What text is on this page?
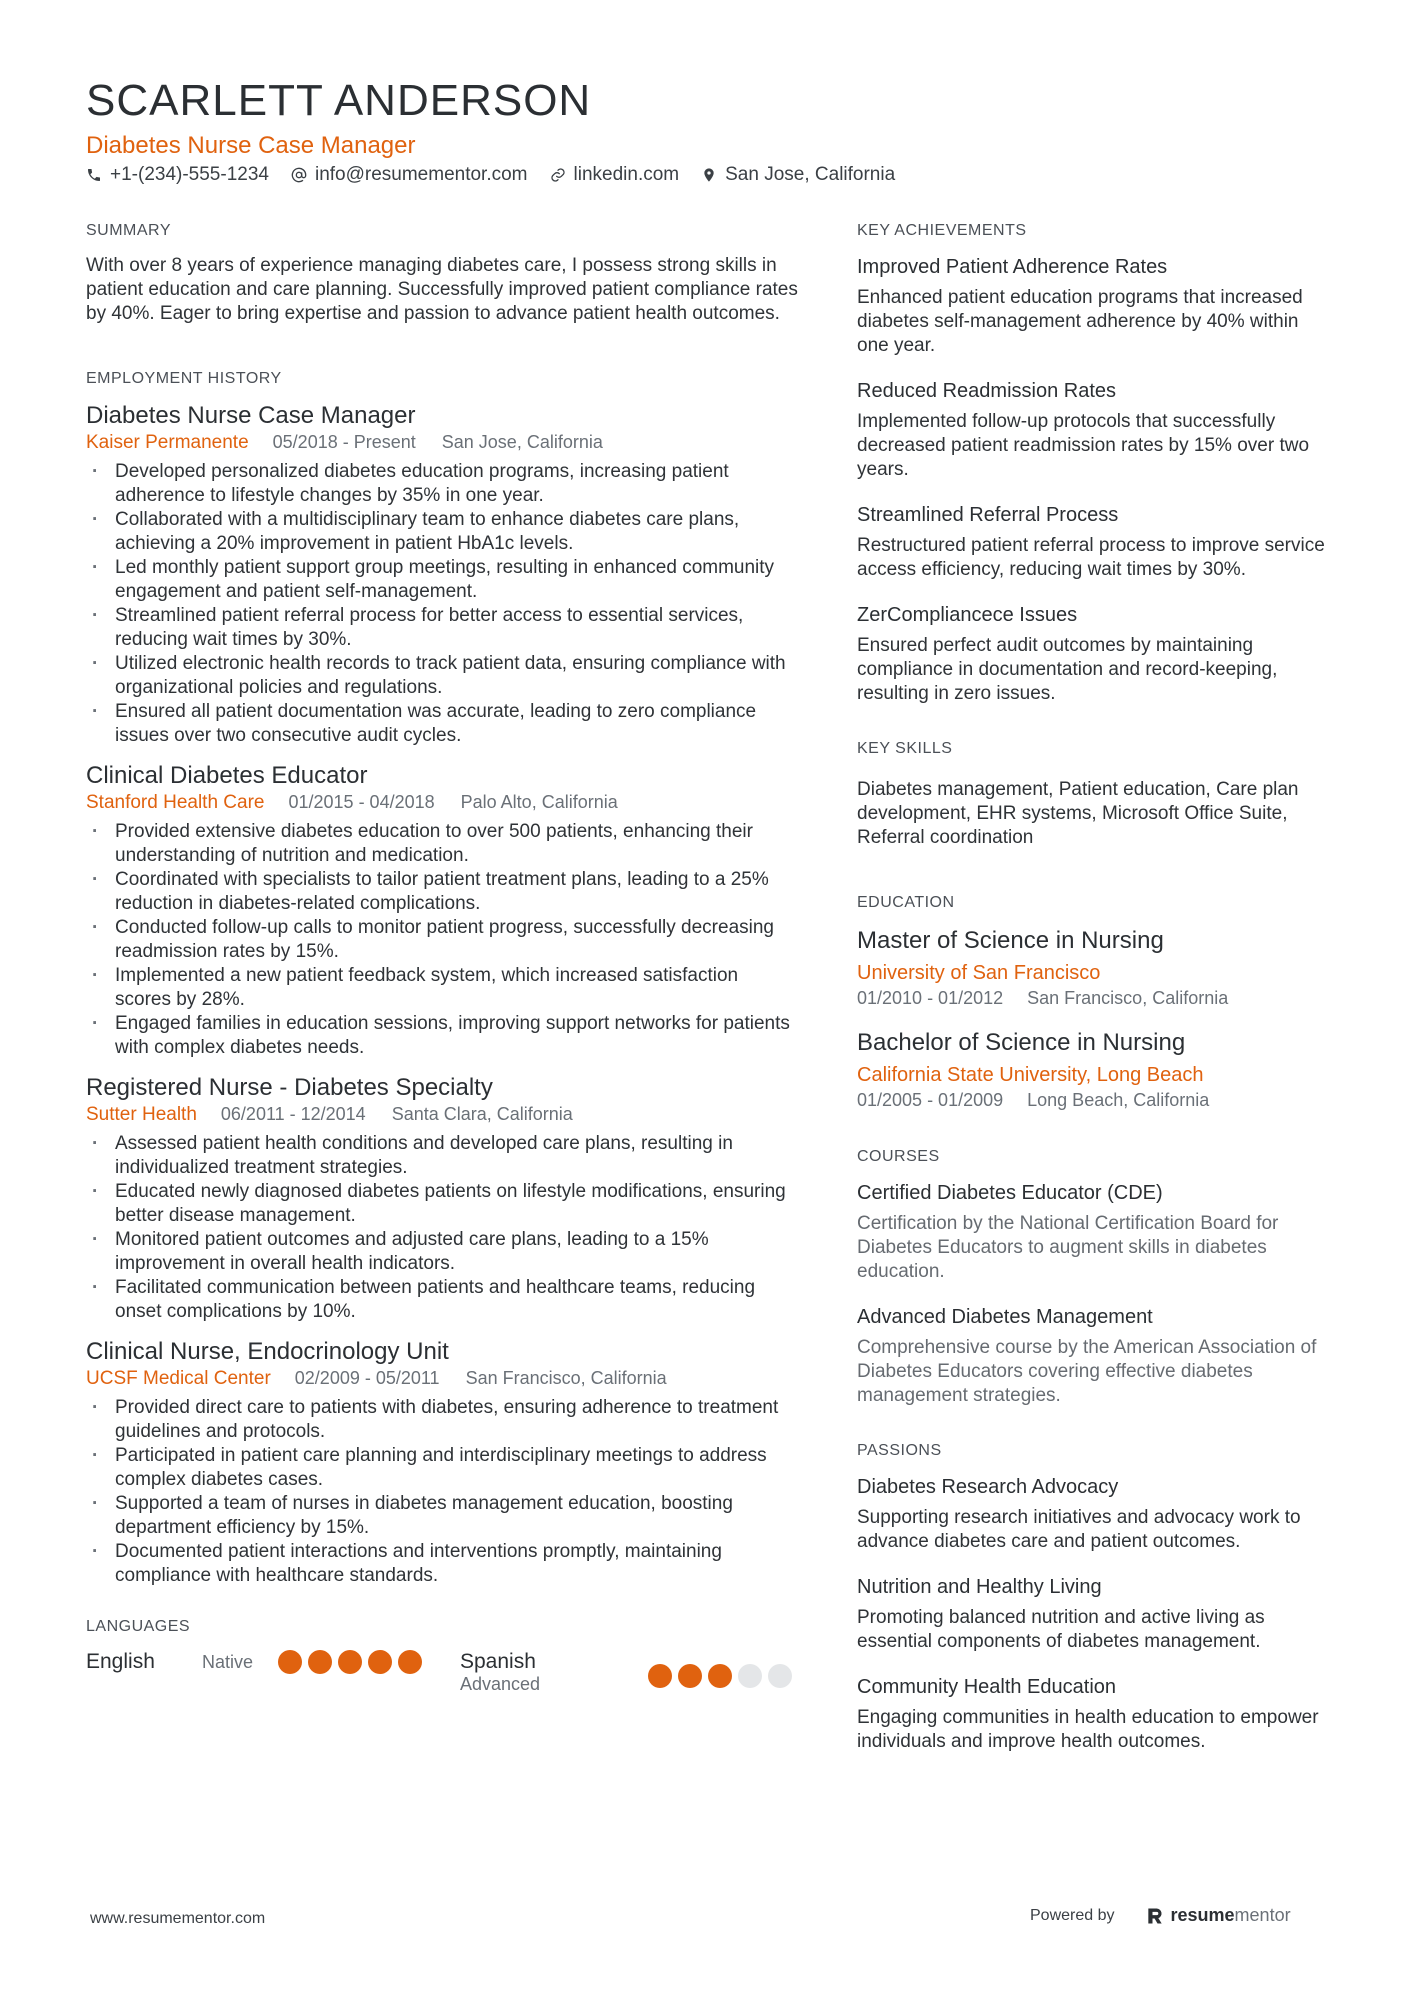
SCARLETT ANDERSON
Diabetes Nurse Case Manager
+1-(234)-555-1234 info@resumementor.com linkedin.com San Jose, California
SUMMARY
With over 8 years of experience managing diabetes care, I possess strong skills in patient education and care planning. Successfully improved patient compliance rates by 40%. Eager to bring expertise and passion to advance patient health outcomes.
EMPLOYMENT HISTORY
Diabetes Nurse Case Manager
Kaiser Permanente 05/2018 - Present San Jose, California
· Developed personalized diabetes education programs, increasing patient adherence to lifestyle changes by 35% in one year.
· Collaborated with a multidisciplinary team to enhance diabetes care plans, achieving a 20% improvement in patient HbA1c levels.
· Led monthly patient support group meetings, resulting in enhanced community engagement and patient self-management.
· Streamlined patient referral process for better access to essential services, reducing wait times by 30%.
· Utilized electronic health records to track patient data, ensuring compliance with organizational policies and regulations.
· Ensured all patient documentation was accurate, leading to zero compliance issues over two consecutive audit cycles.
Clinical Diabetes Educator
Stanford Health Care 01/2015 - 04/2018 Palo Alto, California
· Provided extensive diabetes education to over 500 patients, enhancing their understanding of nutrition and medication.
· Coordinated with specialists to tailor patient treatment plans, leading to a 25% reduction in diabetes-related complications.
· Conducted follow-up calls to monitor patient progress, successfully decreasing readmission rates by 15%.
· Implemented a new patient feedback system, which increased satisfaction scores by 28%.
· Engaged families in education sessions, improving support networks for patients with complex diabetes needs.
Registered Nurse - Diabetes Specialty
Sutter Health 06/2011 - 12/2014 Santa Clara, California
· Assessed patient health conditions and developed care plans, resulting in individualized treatment strategies.
· Educated newly diagnosed diabetes patients on lifestyle modifications, ensuring better disease management.
· Monitored patient outcomes and adjusted care plans, leading to a 15% improvement in overall health indicators.
· Facilitated communication between patients and healthcare teams, reducing onset complications by 10%.
Clinical Nurse, Endocrinology Unit
UCSF Medical Center 02/2009 - 05/2011 San Francisco, California
· Provided direct care to patients with diabetes, ensuring adherence to treatment guidelines and protocols.
· Participated in patient care planning and interdisciplinary meetings to address complex diabetes cases.
· Supported a team of nurses in diabetes management education, boosting department efficiency by 15%.
· Documented patient interactions and interventions promptly, maintaining compliance with healthcare standards.
LANGUAGES
English	Native	Spanish
Advanced
KEY ACHIEVEMENTS
Improved Patient Adherence Rates
Enhanced patient education programs that increased diabetes self-management adherence by 40% within one year.
Reduced Readmission Rates
Implemented follow-up protocols that successfully decreased patient readmission rates by 15% over two years.
Streamlined Referral Process
Restructured patient referral process to improve service access efficiency, reducing wait times by 30%.
ZerCompliancece Issues
Ensured perfect audit outcomes by maintaining compliance in documentation and record-keeping, resulting in zero issues.
KEY SKILLS
Diabetes management, Patient education, Care plan development, EHR systems, Microsoft Office Suite, Referral coordination
EDUCATION
Master of Science in Nursing
University of San Francisco
01/2010 - 01/2012 San Francisco, California
Bachelor of Science in Nursing
California State University, Long Beach
01/2005 - 01/2009 Long Beach, California
COURSES
Certified Diabetes Educator (CDE)
Certification by the National Certification Board for Diabetes Educators to augment skills in diabetes education.
Advanced Diabetes Management
Comprehensive course by the American Association of Diabetes Educators covering effective diabetes management strategies.
PASSIONS
Diabetes Research Advocacy
Supporting research initiatives and advocacy work to advance diabetes care and patient outcomes.
Nutrition and Healthy Living
Promoting balanced nutrition and active living as essential components of diabetes management.
Community Health Education
Engaging communities in health education to empower individuals and improve health outcomes.
www.resumementor.com	Powered by	resume mentor
